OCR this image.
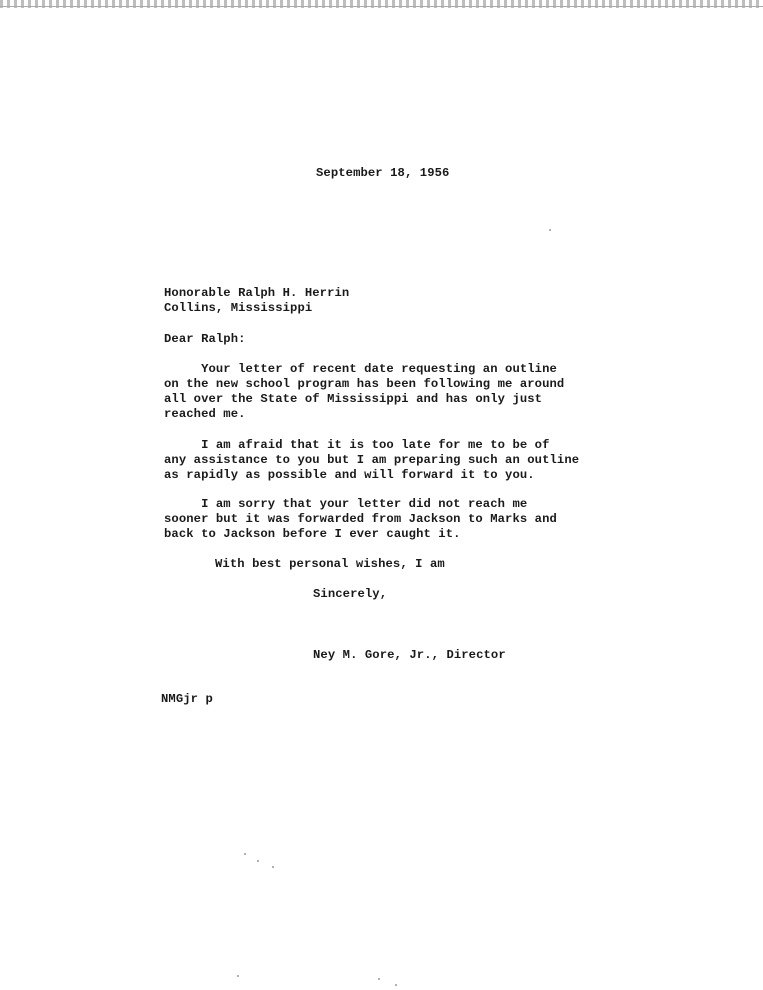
September 18, 1956
Honorable Ralph H. Herrin
Collins, Mississippi
Dear Ralph:
Your letter of recent date requesting an outline
on the new school program has been following me around
all over the State of Mississippi and has only just
reached me.
I am afraid that it is too late for me to be of
any assistance to you but I am preparing such an outline
as rapidly as possible and will forward it to you.
I am sorry that your letter did not reach me
sooner but it was forwarded from Jackson to Marks and
back to Jackson before I ever caught it.
With best personal wishes, I am
Sincerely,
Ney M. Gore, Jr., Director
NMGjr p
